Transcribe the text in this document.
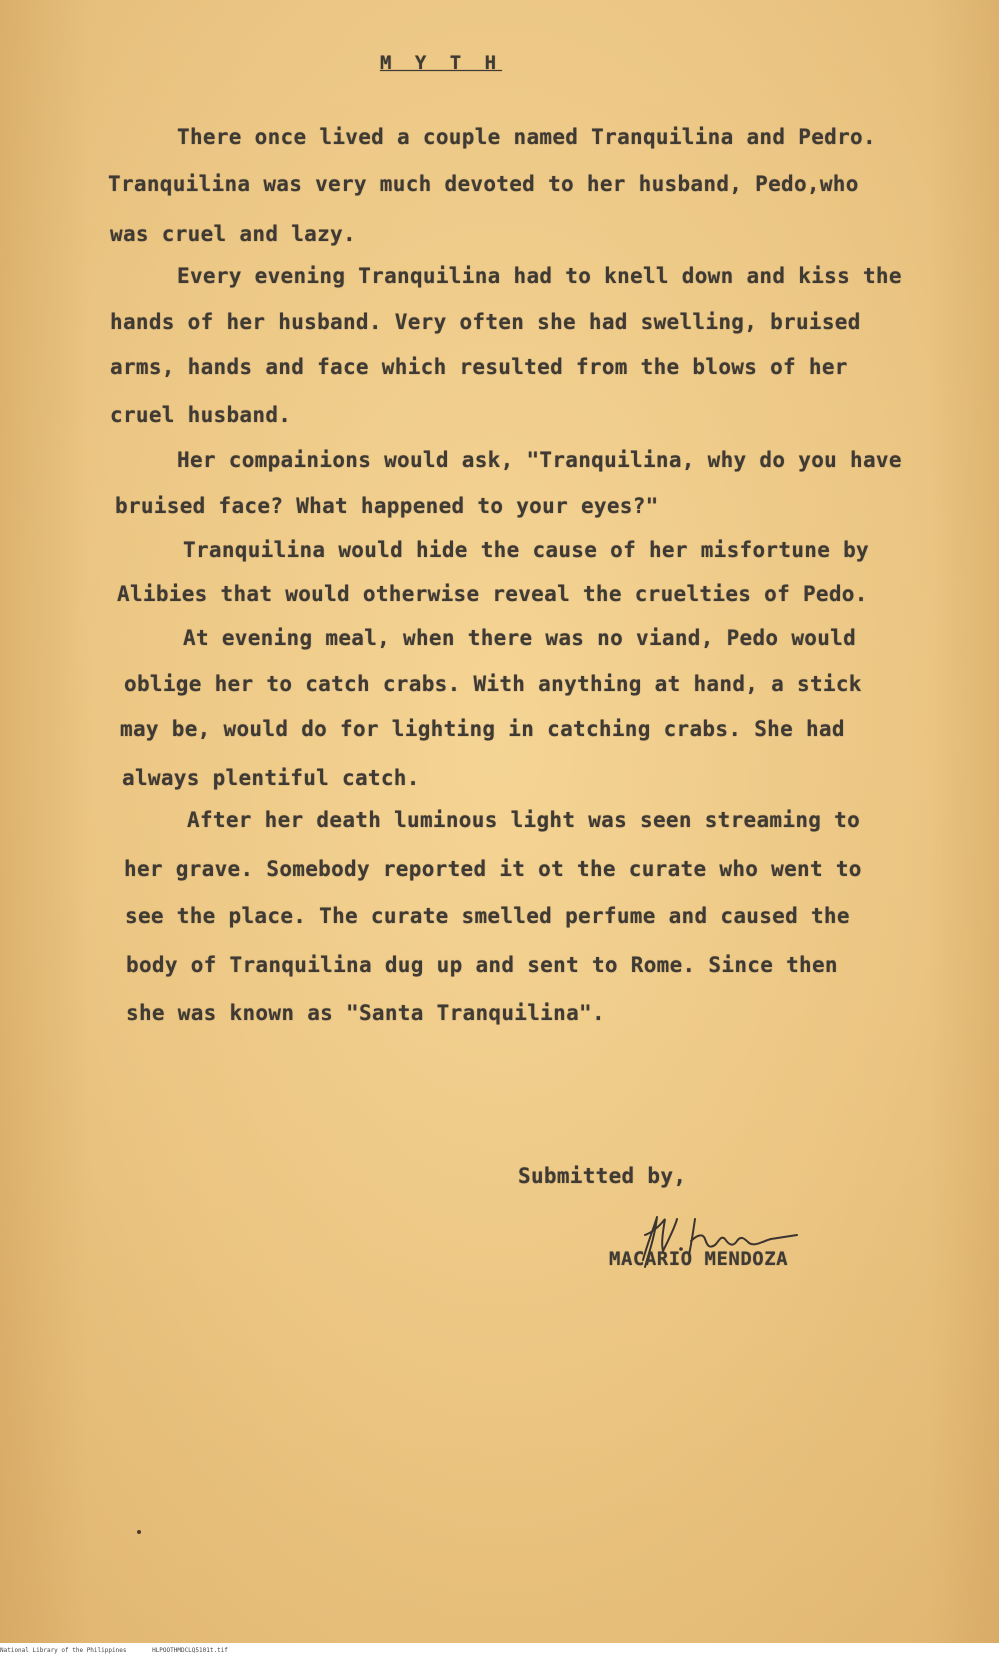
M Y T H
There once lived a couple named Tranquilina and Pedro.
Tranquilina was very much devoted to her husband, Pedo,who
was cruel and lazy.
Every evening Tranquilina had to knell down and kiss the
hands of her husband. Very often she had swelling, bruised
arms, hands and face which resulted from the blows of her
cruel husband.
Her compainions would ask, "Tranquilina, why do you have
bruised face? What happened to your eyes?"
Tranquilina would hide the cause of her misfortune by
Alibies that would otherwise reveal the cruelties of Pedo.
At evening meal, when there was no viand, Pedo would
oblige her to catch crabs. With anything at hand, a stick
may be, would do for lighting in catching crabs. She had
always plentiful catch.
After her death luminous light was seen streaming to
her grave. Somebody reported it ot the curate who went to
see the place. The curate smelled perfume and caused the
body of Tranquilina dug up and sent to Rome. Since then
she was known as "Santa Tranquilina".
Submitted by,
MACARIO MENDOZA
National Library of the Philippines	HLPOOTHMDCLQ5101t.tif
